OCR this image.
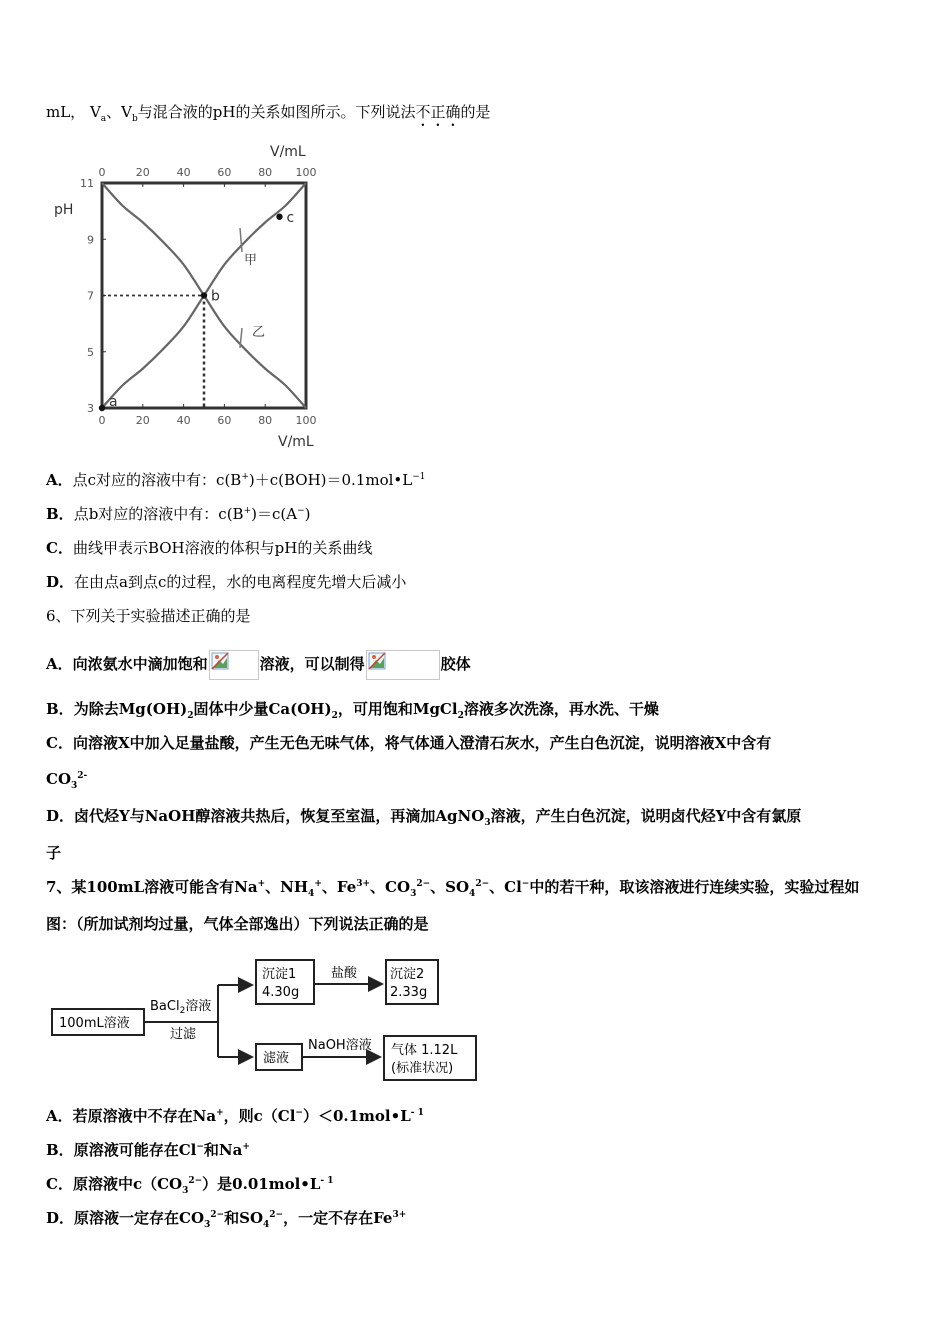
mL， $V_a$、$V_b$与混合液的pH的关系如图所示。下列说法不正确的是
0
0
20
20
40
40
60
60
80
80
100
100
3
5
7
9
11
a
b
c
V/mL
V/mL
pH
甲
乙
A．点c对应的溶液中有：$c(B^+)+c(BOH)=0.1mol•L^{-1}$
B．点b对应的溶液中有：c(B+)＝c(A−)
C．曲线甲表示BOH溶液的体积与pH的关系曲线
D．在由点a到点c的过程，水的电离程度先增大后减小
6、下列关于实验描述正确的是
A．向浓氨水中滴加饱和	溶液，可以制得	胶体
B．为除去$Mg(OH)_2$固体中少量$Ca(OH)_2$，可用饱和MgCl$_2$溶液多次洗涤，再水洗、干燥
C．向溶液X中加入足量盐酸，产生无色无味气体，将气体通入澄清石灰水，产生白色沉淀，说明溶液X中含有
$CO_3^{2-}$
D．卤代烃Y与NaOH醇溶液共热后，恢复至室温，再滴加AgNO$_3$溶液，产生白色沉淀，说明卤代烃Y中含有氯原
子
7、某100mL溶液可能含有Na+、$NH_4^+$、$Fe^{3+}$、$CO_3^{2-}$、$SO_4^{2-}$、Cl−中的若干种，取该溶液进行连续实验，实验过程如
图：（所加试剂均过量，气体全部逸出）下列说法正确的是
100mL溶液
BaCl$_2$溶液
过滤
沉淀1
4.30g
盐酸	沉淀2
2.33g
滤液
NaOH溶液 气体 1.12L
(标准状况)
A．若原溶液中不存在Na+，则$c(Cl^-)<0.1mol•L^{- 1}$
B．原溶液可能存在Cl−和Na+
C．原溶液中$c(CO_3^{2-})$是$0.01mol•L^{- 1}$
D．原溶液一定存在$CO_3^{2-}$和$SO_4^{2-}$，一定不存在$Fe^{3+}$
